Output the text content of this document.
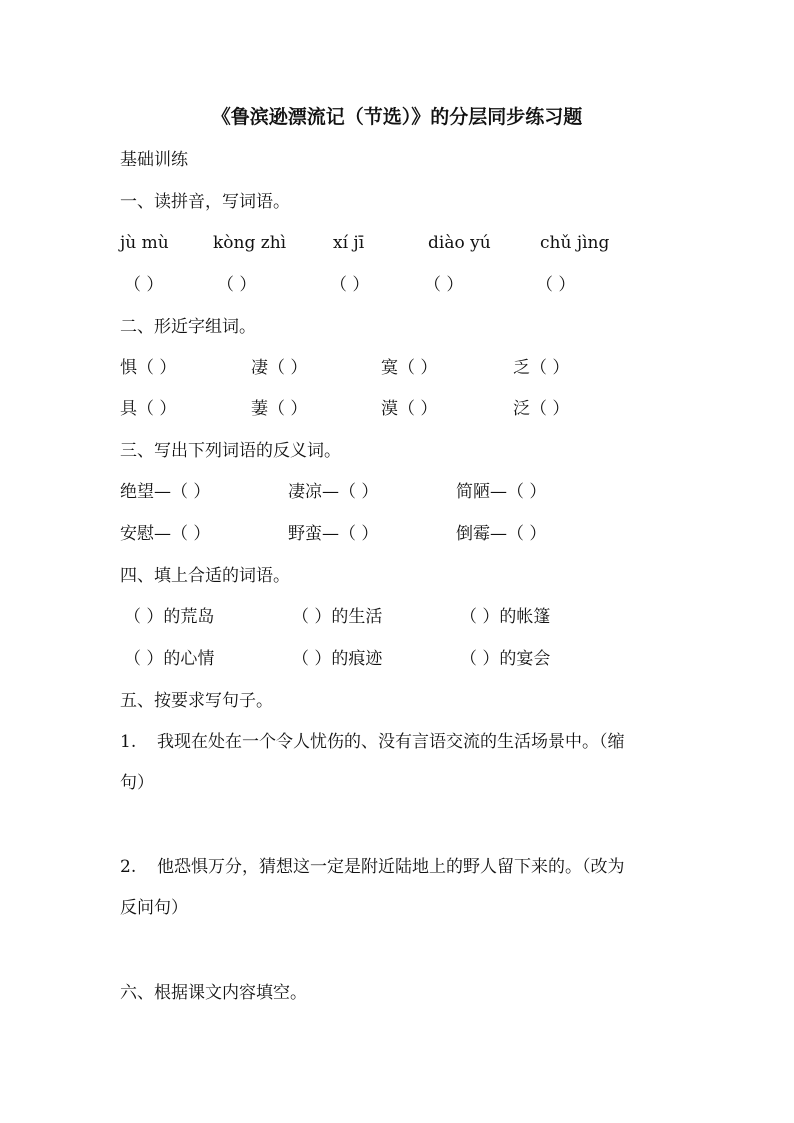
《鲁滨逊漂流记（节选）》的分层同步练习题
基础训练
一、读拼音，写词语。
jù mù	kòng zhì	xí jī	diào yú	chǔ jìng
（ ）	（ ）	（ ）	（ ）	（ ）
二、形近字组词。
惧（ ）	凄（ ）	寞（ ）	乏（ ）
具（ ）	萋（ ）	漠（ ）	泛（ ）
三、写出下列词语的反义词。
绝望—（ ）	凄凉—（ ）	简陋—（ ）
安慰—（ ）	野蛮—（ ）	倒霉—（ ）
四、填上合适的词语。
（ ）的荒岛	（ ）的生活	（ ）的帐篷
（ ）的心情	（ ）的痕迹	（ ）的宴会
五、按要求写句子。
1. 我现在处在一个令人忧伤的、没有言语交流的生活场景中。（缩
句）
2. 他恐惧万分，猜想这一定是附近陆地上的野人留下来的。（改为
反问句）
六、根据课文内容填空。
